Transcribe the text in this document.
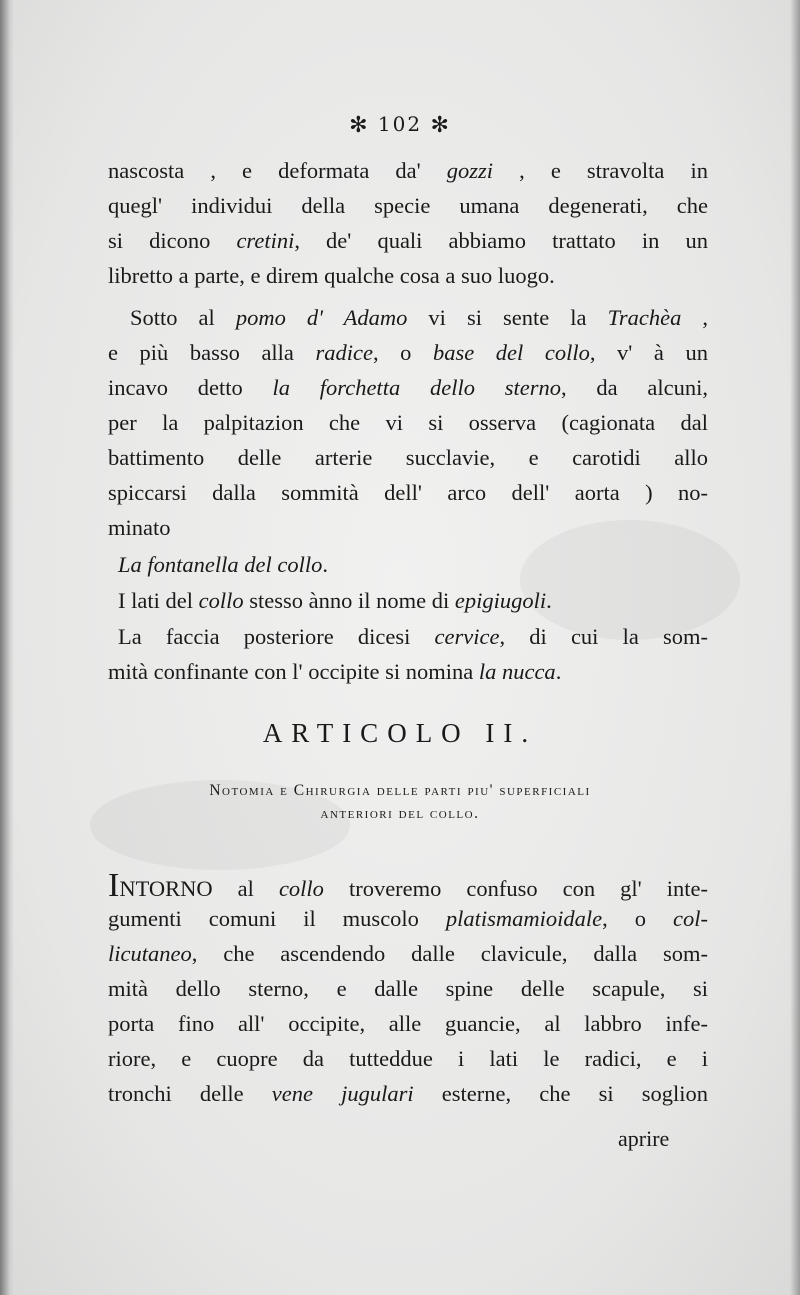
✻ 102 ✻
nascosta , e deformata da' gozzi , e stravolta in
quegl' individui della specie umana degenerati, che
si dicono cretini, de' quali abbiamo trattato in un
libretto a parte, e direm qualche cosa a suo luogo.
Sotto al pomo d' Adamo vi si sente la Trachèa ,
e più basso alla radice, o base del collo, v' à un
incavo detto la forchetta dello sterno, da alcuni,
per la palpitazion che vi si osserva (cagionata dal
battimento delle arterie succlavie, e carotidi allo
spiccarsi dalla sommità dell' arco dell' aorta ) no-
minato
La fontanella del collo.
I lati del collo stesso ànno il nome di epigiugoli.
La faccia posteriore dicesi cervice, di cui la som-
mità confinante con l' occipite si nomina la nucca.
ARTICOLO II.
Notomia e Chirurgia delle parti piu' superficiali
anteriori del collo.
INTORNO al collo troveremo confuso con gl' inte-
gumenti comuni il muscolo platismamioidale, o col-
licutaneo, che ascendendo dalle clavicule, dalla som-
mità dello sterno, e dalle spine delle scapule, si
porta fino all' occipite, alle guancie, al labbro infe-
riore, e cuopre da tutteddue i lati le radici, e i
tronchi delle vene jugulari esterne, che si soglion
aprire
